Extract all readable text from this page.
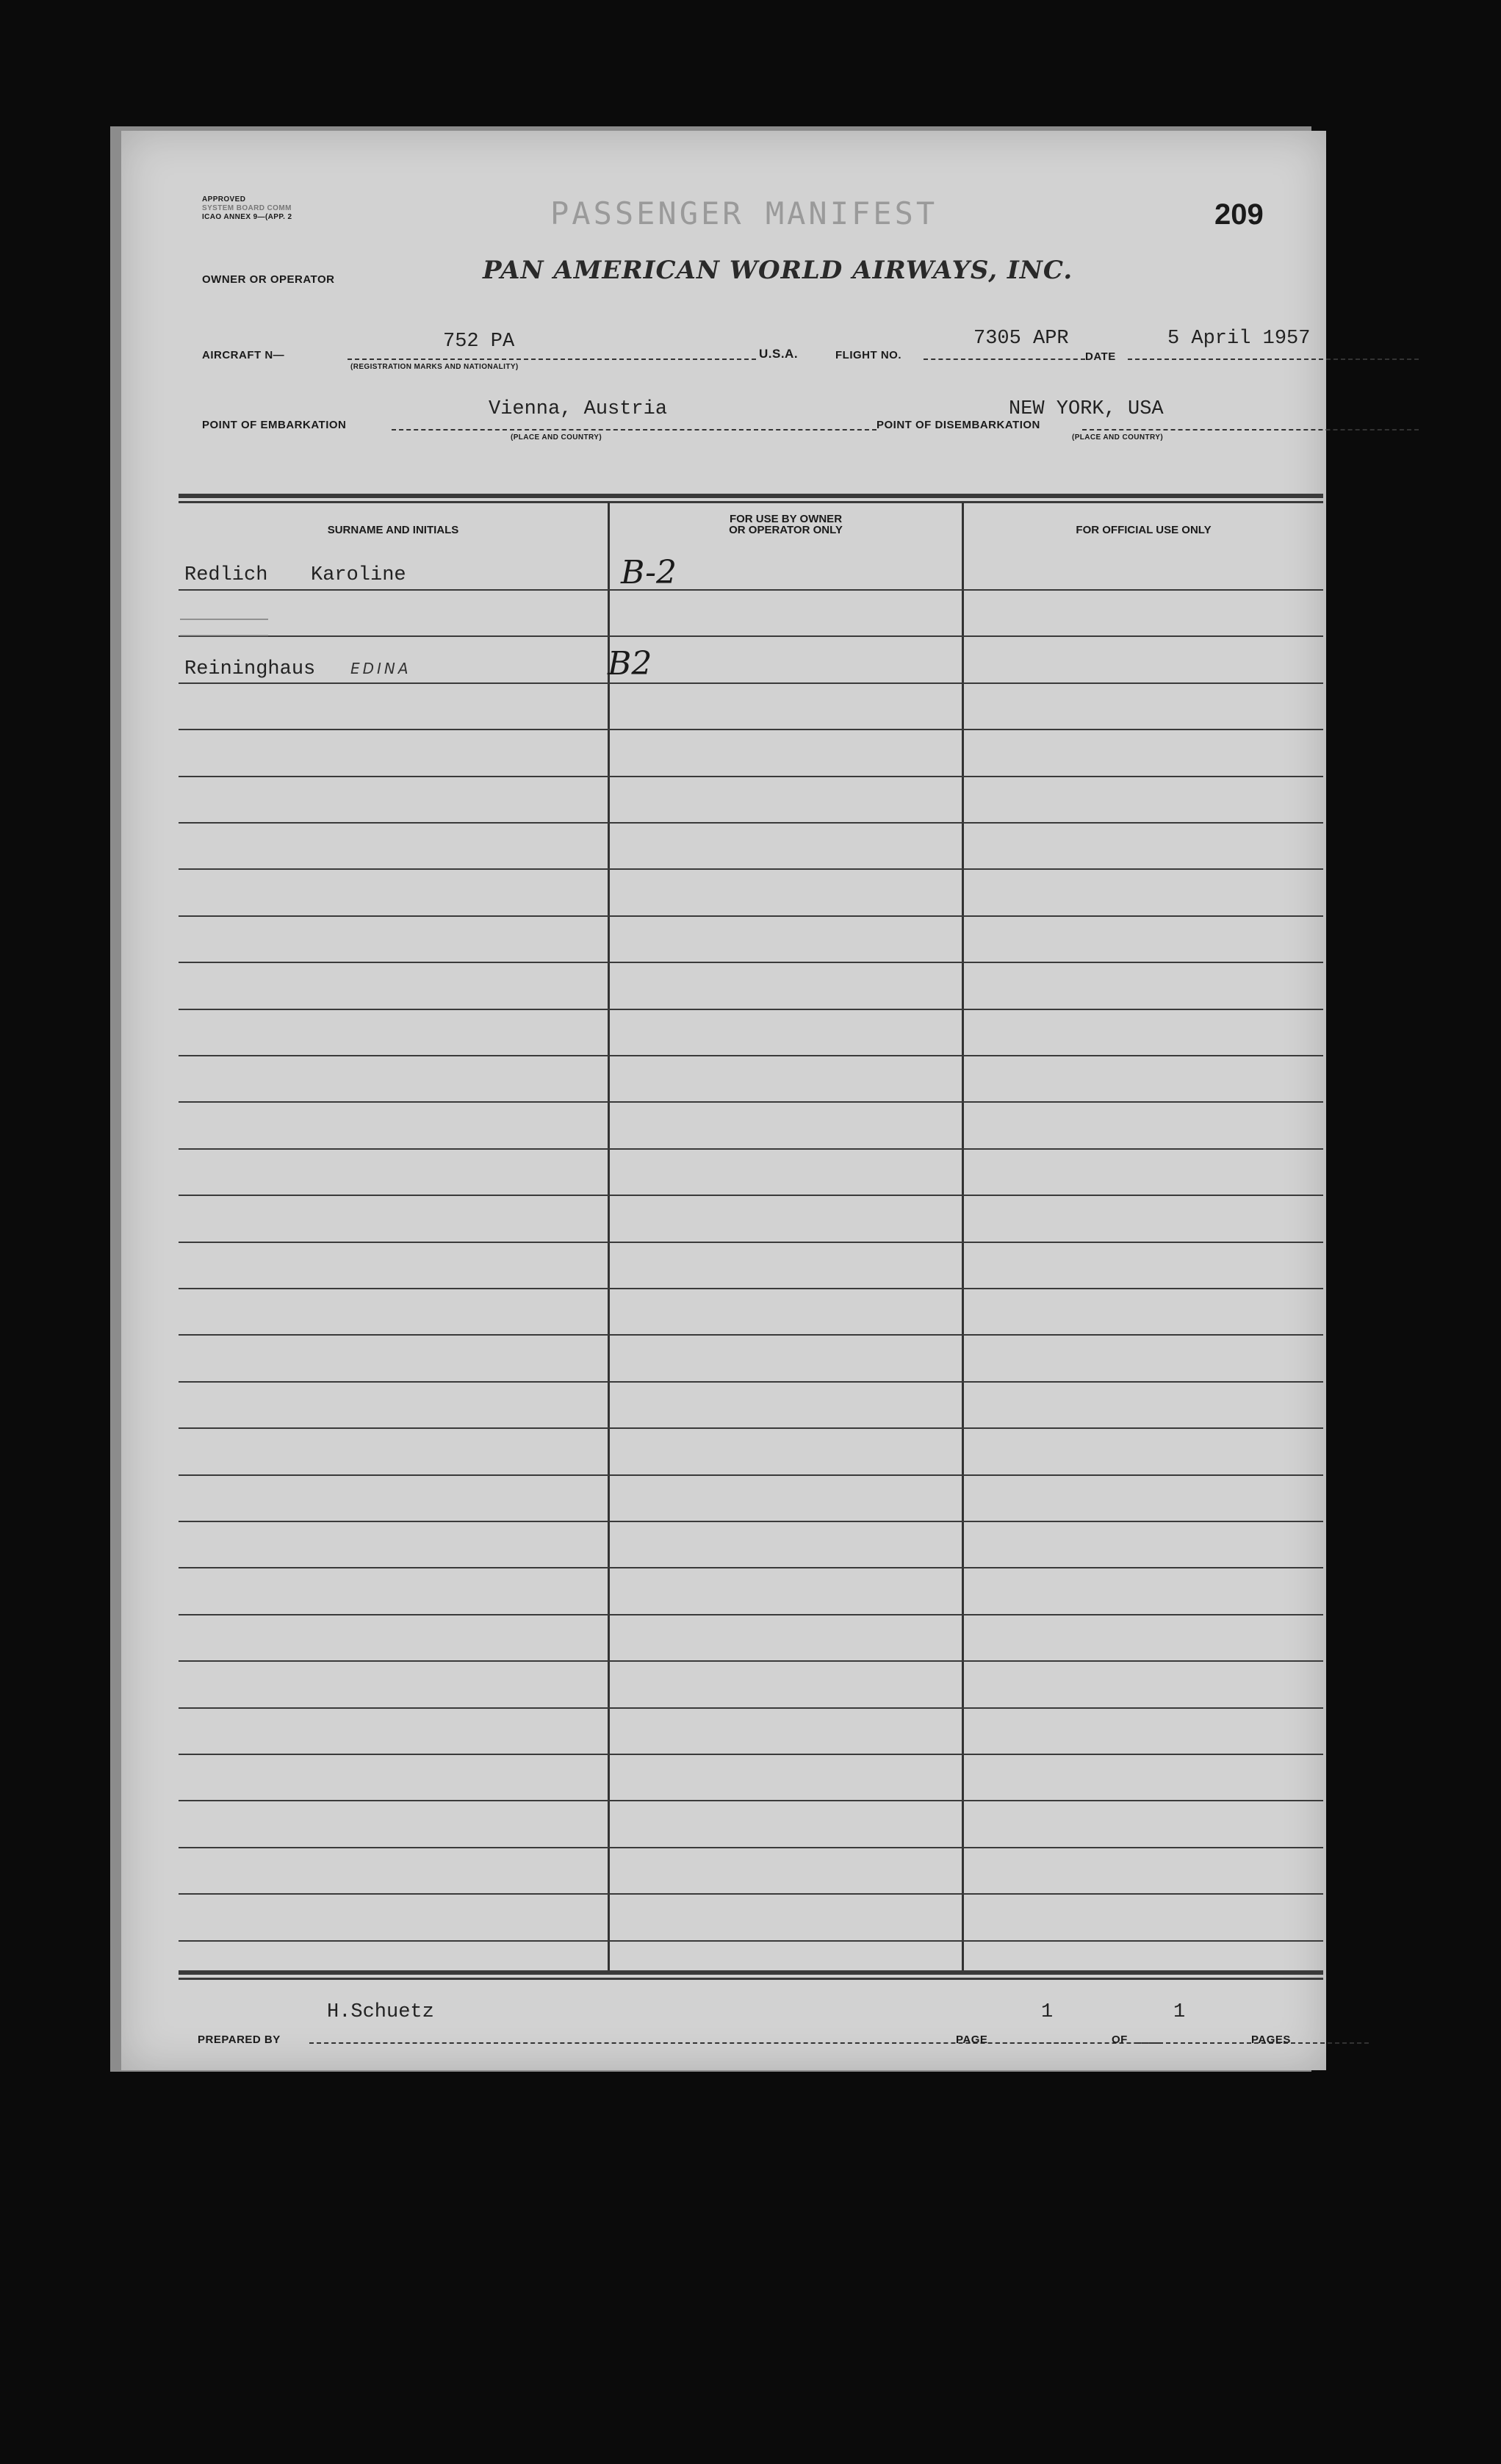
APPROVED
SYSTEM BOARD COMM
ICAO ANNEX 9—(APP. 2	PASSENGER MANIFEST	209
OWNER OR OPERATOR	PAN AMERICAN WORLD AIRWAYS, INC.
AIRCRAFT N—
752 PA
(REGISTRATION MARKS AND NATIONALITY)
U.S.A.	FLIGHT NO.
7305 APR
DATE
5 April 1957
POINT OF EMBARKATION
Vienna, Austria
(PLACE AND COUNTRY)
POINT OF DISEMBARKATION
NEW YORK, USA
(PLACE AND COUNTRY)
SURNAME AND INITIALS
FOR USE BY OWNER
OR OPERATOR ONLY	FOR OFFICIAL USE ONLY
Redlich Karoline	B-2
Reininghaus EDINA	B2
PREPARED BY
H.Schuetz
PAGE
1
OF
1
PAGES
